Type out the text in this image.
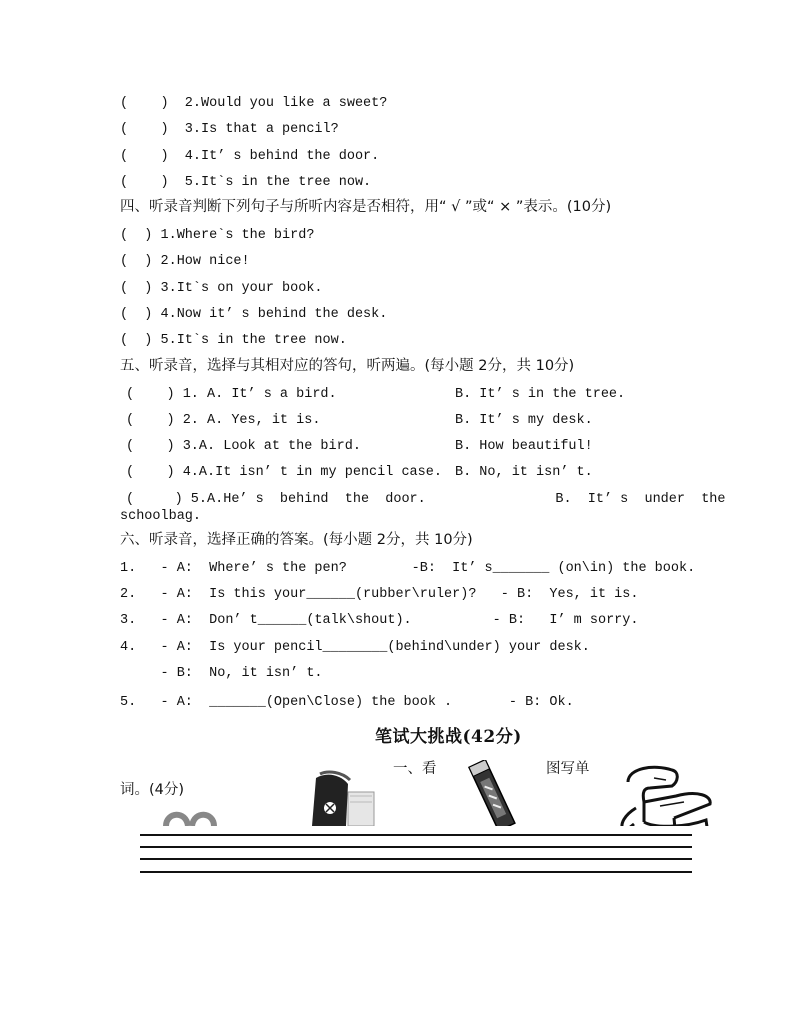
(    )  2.Would you like a sweet?
(    )  3.Is that a pencil?
(    )  4.It’ s behind the door.
(    )  5.It`s in the tree now.
四、听录音判断下列句子与所听内容是否相符，用“ √ ”或“ × ”表示。(10分)
(  ) 1.Where`s the bird?
(  ) 2.How nice!
(  ) 3.It`s on your book.
(  ) 4.Now it’ s behind the desk.
(  ) 5.It`s in the tree now.
五、听录音，选择与其相对应的答句，听两遍。(每小题 2分，共 10分)
(    ) 1. A. It’ s a bird.	B. It’ s in the tree.
(    ) 2. A. Yes, it is.	B. It’ s my desk.
(    ) 3.A. Look at the bird.	B. How beautiful!
(    ) 4.A.It isn’ t in my pencil case. B. No, it isn’ t.
(     ) 5.A.He’ s  behind  the  door.                B.  It’ s  under  the
schoolbag.
六、听录音，选择正确的答案。(每小题 2分，共 10分)
1.   - A:  Where’ s the pen?        -B:  It’ s_______ (on\in) the book.
2.   - A:  Is this your______(rubber\ruler)?   - B:  Yes, it is.
3.   - A:  Don’ t______(talk\shout).          - B:   I’ m sorry.
4.   - A:  Is your pencil________(behind\under) your desk.
- B:  No, it isn’ t.
5.   - A:  _______(Open\Close) the book .       - B: Ok.
笔试大挑战(42分)
一、看	图写单
词。(4分)
